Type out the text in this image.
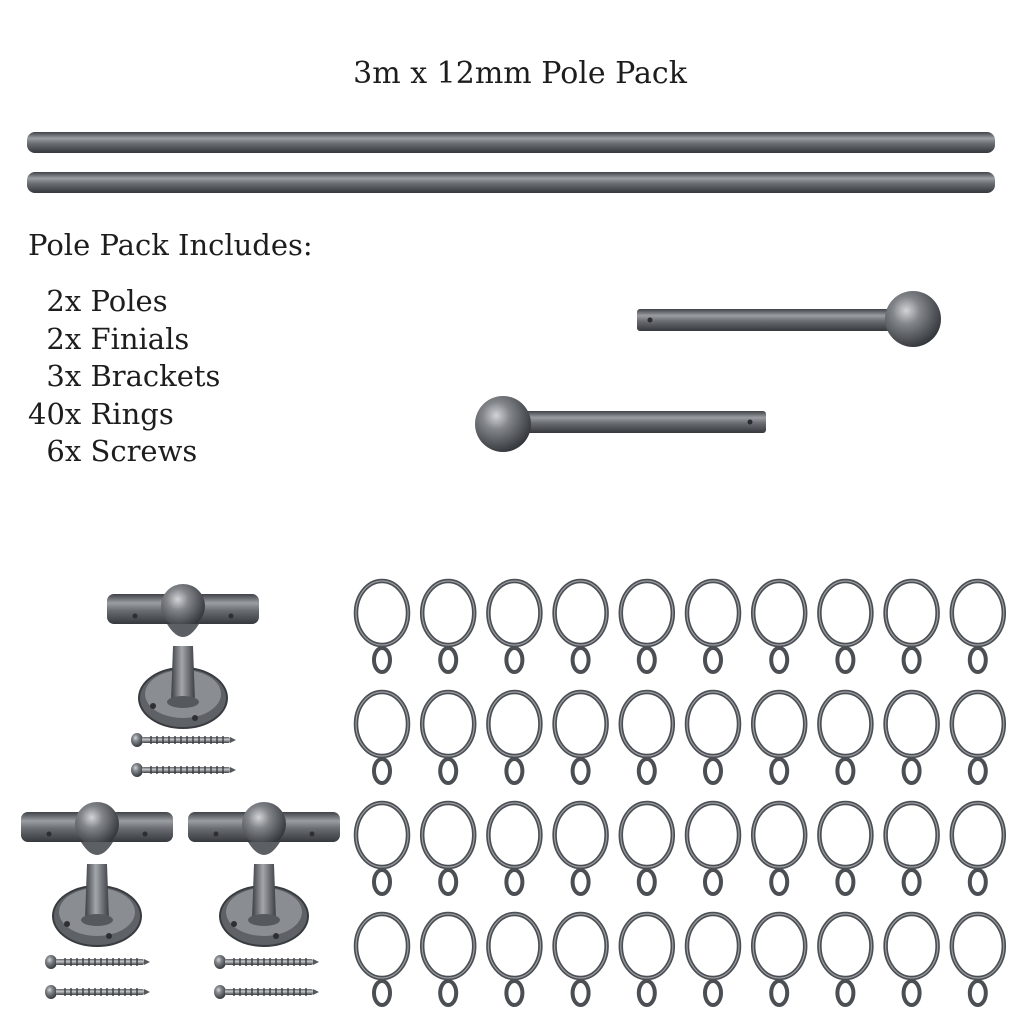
3m x 12mm Pole Pack
Pole Pack Includes:
2x Poles
2x Finials
3x Brackets
40x Rings
6x Screws
